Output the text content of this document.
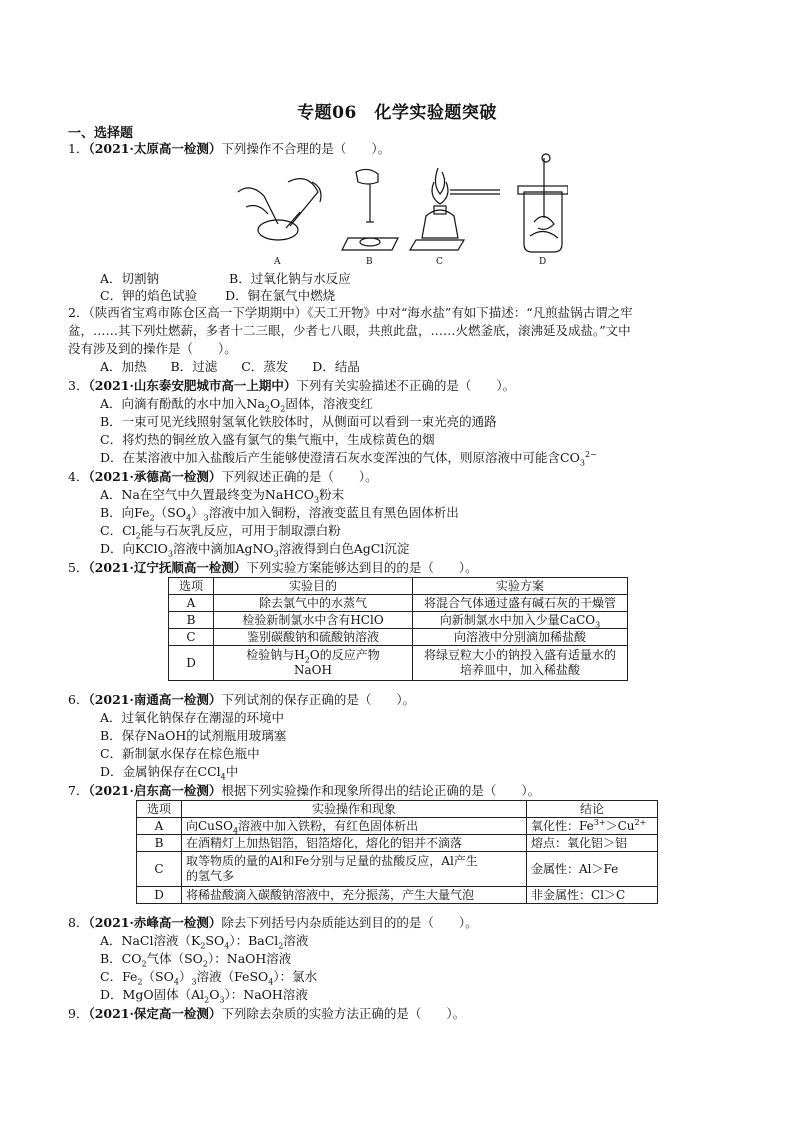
专题06　化学实验题突破
一、选择题
1．（2021·太原高一检测）下列操作不合理的是（　　）。
A	B	C	D
A．切割钠	B．过氧化钠与水反应
C．钾的焰色试验 D．铜在氯气中燃烧
2．（陕西省宝鸡市陈仓区高一下学期期中）《天工开物》中对“海水盐”有如下描述：“凡煎盐锅古谓之牢
盆，……其下列灶燃薪，多者十二三眼，少者七八眼，共煎此盘，……火燃釜底，滚沸延及成盐。”文中
没有涉及到的操作是（　　）。
A．加热 B．过滤 C．蒸发 D．结晶
3．（2021·山东泰安肥城市高一上期中）下列有关实验描述不正确的是（　　）。
A．向滴有酚酞的水中加入$Na_2O_2$固体，溶液变红
B．一束可见光线照射氢氧化铁胶体时，从侧面可以看到一束光亮的通路
C．将灼热的铜丝放入盛有氯气的集气瓶中，生成棕黄色的烟
D．在某溶液中加入盐酸后产生能够使澄清石灰水变浑浊的气体，则原溶液中可能含$CO_3^{2-}$
4．（2021·承德高一检测）下列叙述正确的是（　　）。
A．Na在空气中久置最终变为NaHCO$_3$粉末
B．向$Fe_2(SO_4)_3$溶液中加入铜粉，溶液变蓝且有黑色固体析出
C．$Cl_2$能与石灰乳反应，可用于制取漂白粉
D．向KClO$_3$溶液中滴加AgNO$_3$溶液得到白色AgCl沉淀
5．（2021·辽宁抚顺高一检测）下列实验方案能够达到目的的是（　　）。
选项	实验目的	实验方案
A	除去氯气中的水蒸气	将混合气体通过盛有碱石灰的干燥管
B	检验新制氯水中含有HClO	向新制氯水中加入少量CaCO$_3$
C	鉴别碳酸钠和硫酸钠溶液	向溶液中分别滴加稀盐酸
D	检验钠与$H_2O$的反应产物
NaOH	将绿豆粒大小的钠投入盛有适量水的
培养皿中，加入稀盐酸
6．（2021·南通高一检测）下列试剂的保存正确的是（　　）。
A．过氧化钠保存在潮湿的环境中
B．保存NaOH的试剂瓶用玻璃塞
C．新制氯水保存在棕色瓶中
D．金属钠保存在CCl$_4$中
7．（2021·启东高一检测）根据下列实验操作和现象所得出的结论正确的是（　　）。
选项	实验操作和现象	结论
A	向CuSO$_4$溶液中加入铁粉，有红色固体析出	氧化性：$Fe^{3+}>Cu^{2+}$
B	在酒精灯上加热铝箔，铝箔熔化，熔化的铝并不滴落	熔点：氧化铝＞铝
C	取等物质的量的Al和Fe分别与足量的盐酸反应，Al产生
的氢气多	金属性：Al＞Fe
D	将稀盐酸滴入碳酸钠溶液中，充分振荡，产生大量气泡	非金属性：Cl＞C
8．（2021·赤峰高一检测）除去下列括号内杂质能达到目的的是（　　）。
A．NaCl溶液$(K_2SO_4)$：BaCl$_2$溶液
B．$CO_2$气体$(SO_2)$：NaOH溶液
C．$Fe_2(SO_4)_3$溶液（FeSO$_4$）：氯水
D．MgO固体$(Al_2O_3)$：NaOH溶液
9．（2021·保定高一检测）下列除去杂质的实验方法正确的是（　　）。
